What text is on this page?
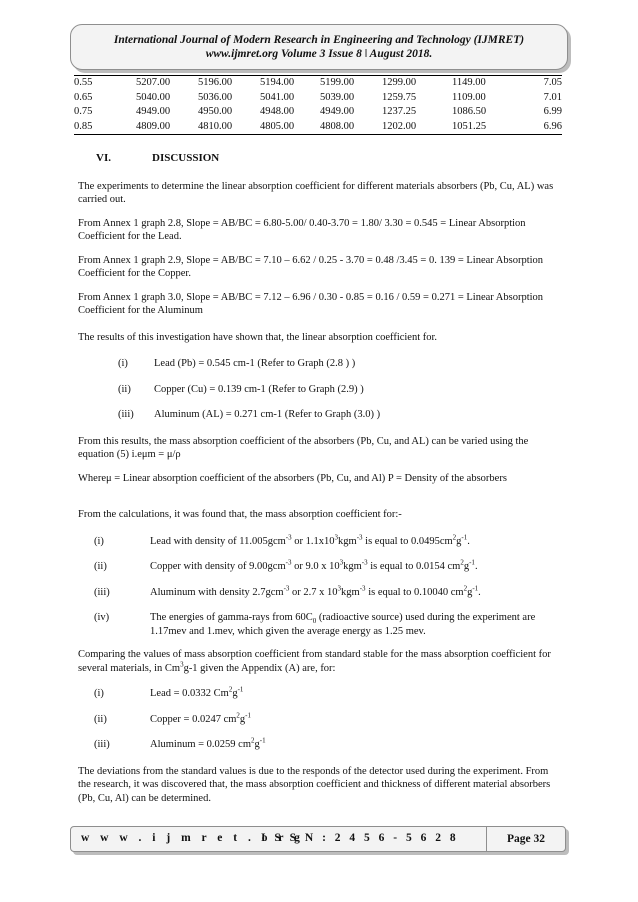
International Journal of Modern Research in Engineering and Technology (IJMRET)
www.ijmret.org Volume 3 Issue 8 ǀ August 2018.
0.55	5207.00	5196.00	5194.00	5199.00	1299.00	1149.00	7.05
0.65	5040.00	5036.00	5041.00	5039.00	1259.75	1109.00	7.01
0.75	4949.00	4950.00	4948.00	4949.00	1237.25	1086.50	6.99
0.85	4809.00	4810.00	4805.00	4808.00	1202.00	1051.25	6.96
VI.	DISCUSSION

The experiments to determine the linear absorption coefficient for different materials absorbers (Pb, Cu, AL) was carried out.

From Annex 1 graph 2.8, Slope = AB/BC = 6.80-5.00/ 0.40-3.70 = 1.80/ 3.30 = 0.545 = Linear Absorption Coefficient for the Lead.

From Annex 1 graph 2.9, Slope = AB/BC = 7.10 – 6.62 / 0.25 - 3.70 = 0.48 /3.45 = 0. 139 = Linear Absorption Coefficient for the Copper.

From Annex 1 graph 3.0, Slope = AB/BC = 7.12 – 6.96 / 0.30 - 0.85 = 0.16 / 0.59 = 0.271 = Linear Absorption Coefficient for the Aluminum

The results of this investigation have shown that, the linear absorption coefficient for.

(i)	Lead (Pb) = 0.545 cm-1 (Refer to Graph (2.8 ) )
(ii)	Copper (Cu) = 0.139 cm-1 (Refer to Graph (2.9) )
(iii)	Aluminum (AL) = 0.271 cm-1 (Refer to Graph (3.0) )

From this results, the mass absorption coefficient of the absorbers (Pb, Cu, and AL) can be varied using the equation (5) i.eμm = μ/ρ

Whereμ = Linear absorption coefficient of the absorbers (Pb, Cu, and Al) P = Density of the absorbers

From the calculations, it was found that, the mass absorption coefficient for:-

(i)	Lead with density of 11.005gcm$^{-3}$ or $1.1x10^3kgm^{-3}$ is equal to $0.0495cm^2g^{-1}$.
(ii)	Copper with density of 9.00gcm$^{-3}$ or 9.0 x $10^3kgm^{-3}$ is equal to 0.0154 $cm^2g^{-1}$.
(iii)	Aluminum with density 2.7gcm$^{-3}$ or 2.7 x $10^3kgm^{-3}$ is equal to 0.10040 $cm^2g^{-1}$.
(iv)	The energies of gamma-rays from $60C_0$ (radioactive source) used during the experiment are 1.17mev and 1.mev, which given the average energy as 1.25 mev.

Comparing the values of mass absorption coefficient from standard stable for the mass absorption coefficient for several materials, in Cm$^3$g-1 given the Appendix (A) are, for:

(i)	Lead = 0.0332 $Cm^2g^{-1}$
(ii)	Copper = 0.0247 $cm^2g^{-1}$
(iii)	Aluminum = 0.0259 $cm^2g^{-1}$

The deviations from the standard values is due to the responds of the detector used during the experiment. From the research, it was discovered that, the mass absorption coefficient and thickness of different material absorbers (Pb, Cu, Al) can be determined.

w w w . i j m r e t . o r g
I S S N : 2 4 5 6 - 5 6 2 8	Page 32
